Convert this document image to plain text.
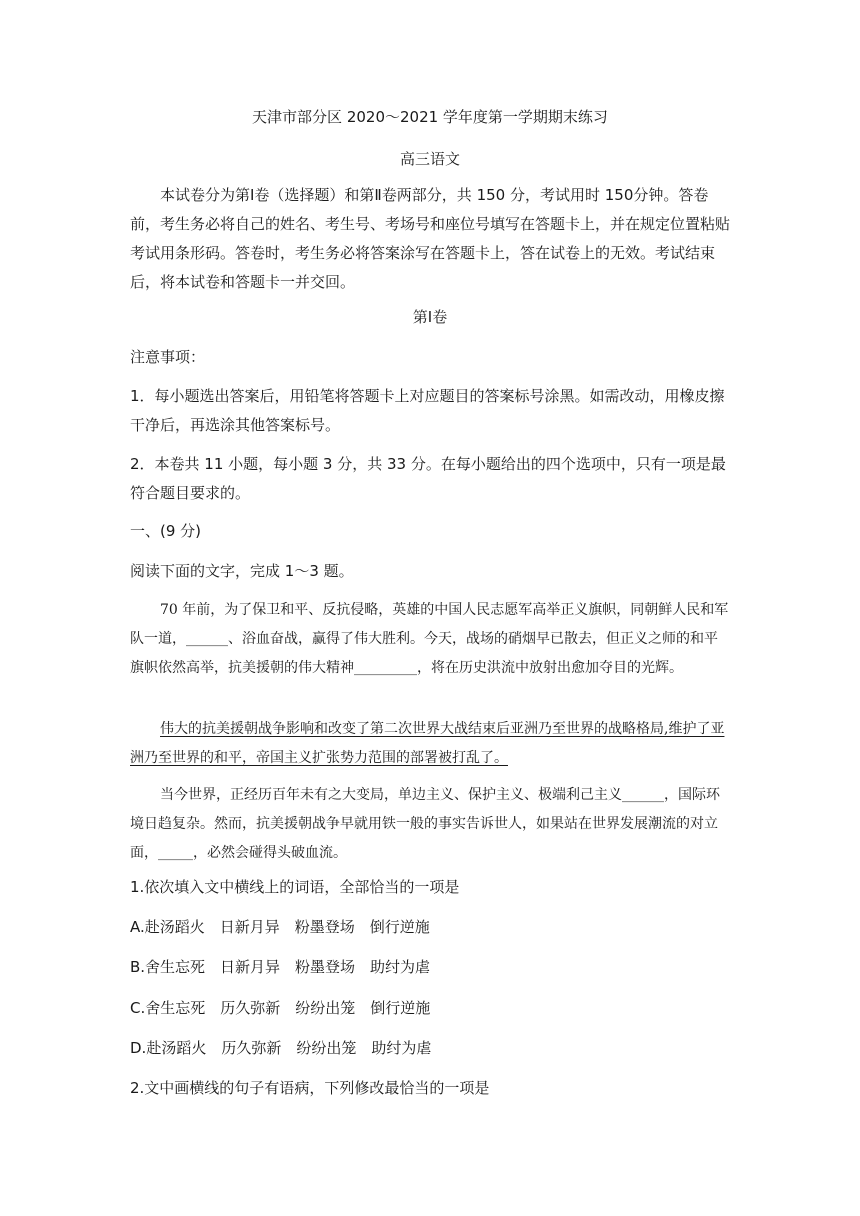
天津市部分区 2020～2021 学年度第一学期期末练习
高三语文
本试卷分为第Ⅰ卷（选择题）和第Ⅱ卷两部分，共 150 分，考试用时 150分钟。答卷前，考生务必将自己的姓名、考生号、考场号和座位号填写在答题卡上，并在规定位置粘贴考试用条形码。答卷时，考生务必将答案涂写在答题卡上，答在试卷上的无效。考试结束后，将本试卷和答题卡一并交回。
第Ⅰ卷
注意事项：
1．每小题选出答案后，用铅笔将答题卡上对应题目的答案标号涂黑。如需改动，用橡皮擦干净后，再选涂其他答案标号。
2．本卷共 11 小题，每小题 3 分，共 33 分。在每小题给出的四个选项中，只有一项是最符合题目要求的。
一、(9 分)
阅读下面的文字，完成 1～3 题。
70 年前，为了保卫和平、反抗侵略，英雄的中国人民志愿军高举正义旗帜，同朝鲜人民和军队一道，______、浴血奋战，赢得了伟大胜利。今天，战场的硝烟早已散去，但正义之师的和平旗帜依然高举，抗美援朝的伟大精神_________，将在历史洪流中放射出愈加夺目的光辉。
伟大的抗美援朝战争影响和改变了第二次世界大战结束后亚洲乃至世界的战略格局,维护了亚洲乃至世界的和平，帝国主义扩张势力范围的部署被打乱了。
当今世界，正经历百年未有之大变局，单边主义、保护主义、极端利己主义______，国际环境日趋复杂。然而，抗美援朝战争早就用铁一般的事实告诉世人，如果站在世界发展潮流的对立面，_____，必然会碰得头破血流。
1.依次填入文中横线上的词语，全部恰当的一项是
A.赴汤蹈火　日新月异　粉墨登场　倒行逆施
B.舍生忘死　日新月异　粉墨登场　助纣为虐
C.舍生忘死　历久弥新　纷纷出笼　倒行逆施
D.赴汤蹈火　历久弥新　纷纷出笼　助纣为虐
2.文中画横线的句子有语病，下列修改最恰当的一项是
